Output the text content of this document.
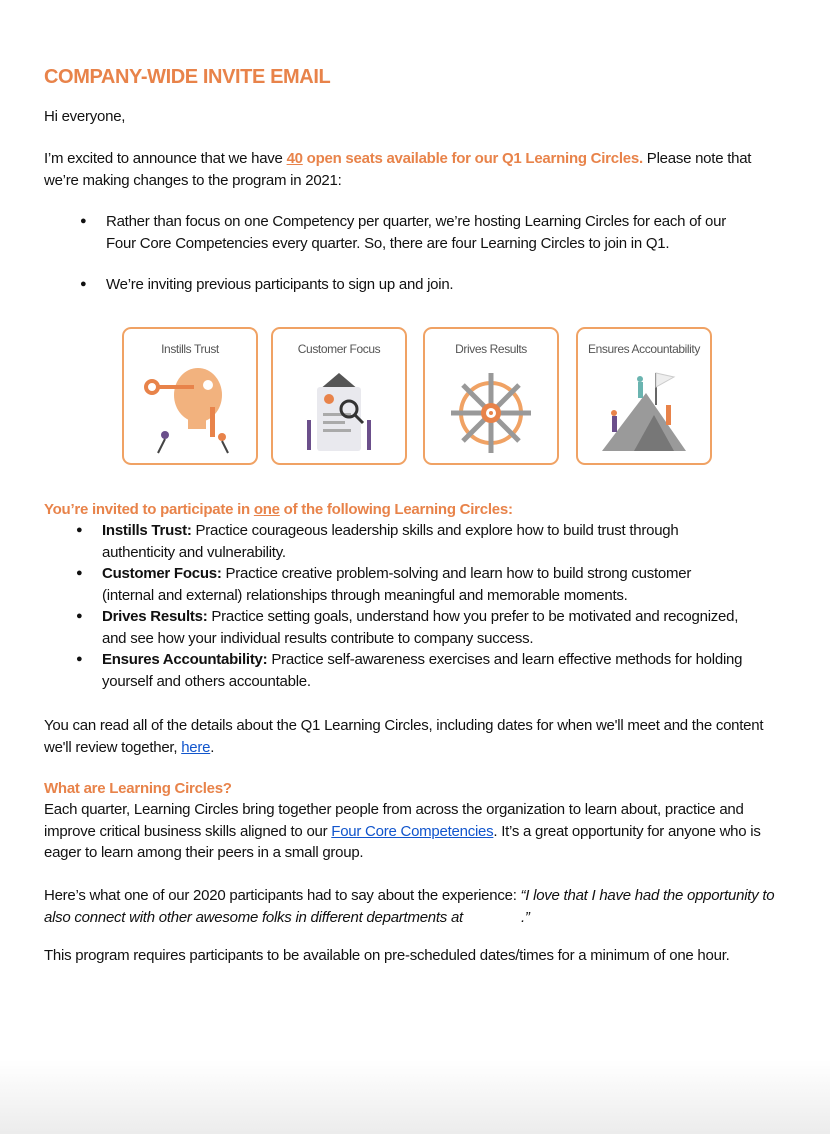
COMPANY-WIDE INVITE EMAIL
Hi everyone,
I’m excited to announce that we have 40 open seats available for our Q1 Learning Circles. Please note that we’re making changes to the program in 2021:
● Rather than focus on one Competency per quarter, we’re hosting Learning Circles for each of our Four Core Competencies every quarter. So, there are four Learning Circles to join in Q1.
● We’re inviting previous participants to sign up and join.
Instills Trust	Customer Focus	Drives Results	Ensures Accountability
You’re invited to participate in one of the following Learning Circles:
● Instills Trust: Practice courageous leadership skills and explore how to build trust through authenticity and vulnerability.
● Customer Focus: Practice creative problem-solving and learn how to build strong customer (internal and external) relationships through meaningful and memorable moments.
● Drives Results: Practice setting goals, understand how you prefer to be motivated and recognized, and see how your individual results contribute to company success.
● Ensures Accountability: Practice self-awareness exercises and learn effective methods for holding yourself and others accountable.
You can read all of the details about the Q1 Learning Circles, including dates for when we'll meet and the content we'll review together, here.
What are Learning Circles?
Each quarter, Learning Circles bring together people from across the organization to learn about, practice and improve critical business skills aligned to our Four Core Competencies. It’s a great opportunity for anyone who is eager to learn among their peers in a small group.
Here’s what one of our 2020 participants had to say about the experience: “I love that I have had the opportunity to also connect with other awesome folks in different departments at	.”
This program requires participants to be available on pre-scheduled dates/times for a minimum of one hour.
